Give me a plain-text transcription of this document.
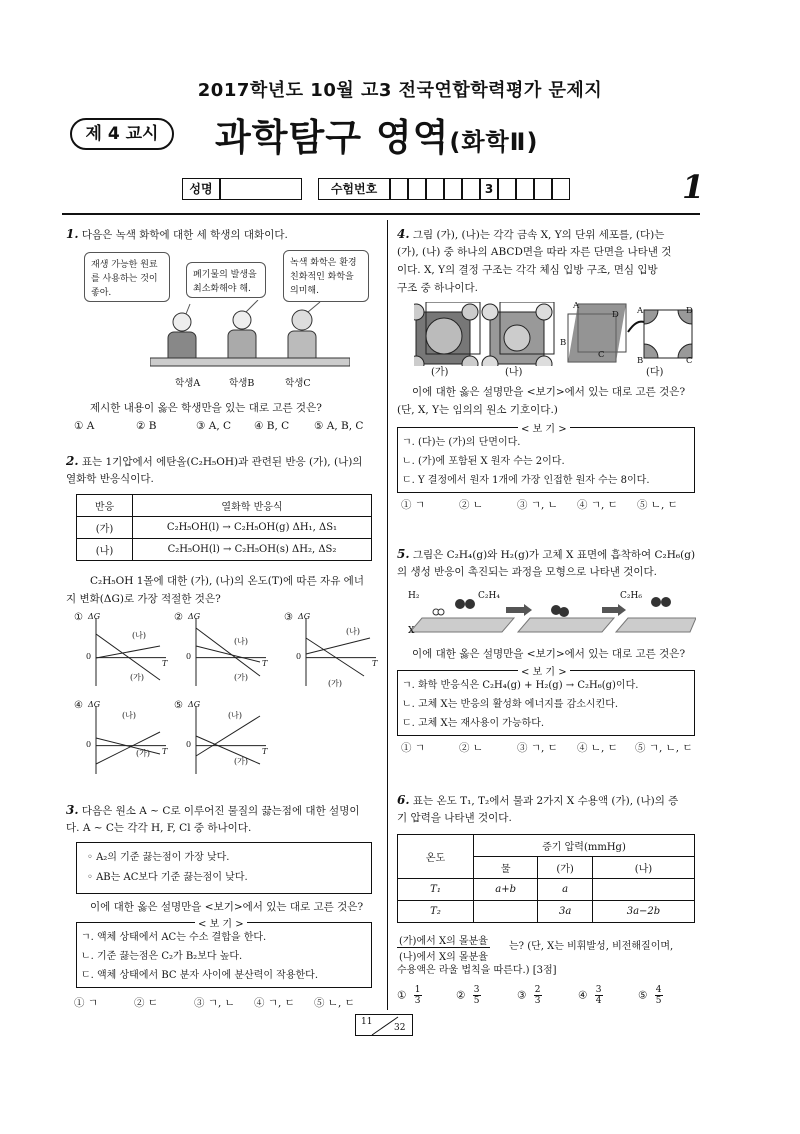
2017학년도 10월 고3 전국연합학력평가 문제지
제 4 교시	과학탐구 영역(화학Ⅱ)
성명	수험번호	3	1

1. 다음은 녹색 화학에 대한 세 학생의 대화이다.

재생 가능한 원료를 사용하는 것이 좋아.
폐기물의 발생을 최소화해야 해.
녹색 화학은 환경 친화적인 화학을 의미해.
학생A	학생B	학생C

제시한 내용이 옳은 학생만을 있는 대로 고른 것은?

① A	② B	③ A, C ④ B, C ⑤ A, B, C

2. 표는 1기압에서 에탄올(C₂H₅OH)과 관련된 반응 (가), (나)의

열화학 반응식이다.

반응	열화학 반응식
(가)	C₂H₅OH(l) → C₂H₅OH(g) ΔH₁, ΔS₁
(나)	C₂H₅OH(l) → C₂H₅OH(s) ΔH₂, ΔS₂

C₂H₅OH 1몰에 대한 (가), (나)의 온도(T)에 따른 자유 에너

지 변화(ΔG)로 가장 적절한 것은?

① ΔG
0
T
(가)
(나)
② ΔG
0
T
(가)
(나)
③ ΔG
0
T
(가)
(나)
④ ΔG
0
T
(가)
(나)
⑤ ΔG
0
T
(가)
(나)

3. 다음은 원소 A ~ C로 이루어진 물질의 끓는점에 대한 설명이

다. A ~ C는 각각 H, F, Cl 중 하나이다.

◦ A₂의 기준 끓는점이 가장 낮다.
◦ AB는 AC보다 기준 끓는점이 낮다.

이에 대한 옳은 설명만을 <보기>에서 있는 대로 고른 것은?

< 보 기 >
ㄱ. 액체 상태에서 AC는 수소 결합을 한다.
ㄴ. 기준 끓는점은 C₂가 B₂보다 높다.
ㄷ. 액체 상태에서 BC 분자 사이에 분산력이 작용한다.
① ㄱ	② ㄷ	③ ㄱ, ㄴ ④ ㄱ, ㄷ ⑤ ㄴ, ㄷ

4. 그림 (가), (나)는 각각 금속 X, Y의 단위 세포를, (다)는

(가), (나) 중 하나의 ABCD면을 따라 자른 단면을 나타낸 것

이다. X, Y의 결정 구조는 각각 체심 입방 구조, 면심 입방

구조 중 하나이다.

A
D
B
C
A	D
B	C
(가)	(나)	(다)

이에 대한 옳은 설명만을 <보기>에서 있는 대로 고른 것은?

(단, X, Y는 임의의 원소 기호이다.)

< 보 기 >
ㄱ. (다)는 (가)의 단면이다.
ㄴ. (가)에 포함된 X 원자 수는 2이다.
ㄷ. Y 결정에서 원자 1개에 가장 인접한 원자 수는 8이다.
① ㄱ	② ㄴ	③ ㄱ, ㄴ ④ ㄱ, ㄷ ⑤ ㄴ, ㄷ

5. 그림은 C₂H₄(g)와 H₂(g)가 고체 X 표면에 흡착하여 C₂H₆(g)

의 생성 반응이 촉진되는 과정을 모형으로 나타낸 것이다.

H₂	C₂H₄	C₂H₆
X

이에 대한 옳은 설명만을 <보기>에서 있는 대로 고른 것은?

< 보 기 >
ㄱ. 화학 반응식은 C₂H₄(g) + H₂(g) → C₂H₆(g)이다.
ㄴ. 고체 X는 반응의 활성화 에너지를 감소시킨다.
ㄷ. 고체 X는 재사용이 가능하다.
① ㄱ	② ㄴ	③ ㄱ, ㄷ ④ ㄴ, ㄷ ⑤ ㄱ, ㄴ, ㄷ

6. 표는 온도 T₁, T₂에서 물과 2가지 X 수용액 (가), (나)의 증

기 압력을 나타낸 것이다.

온도	증기 압력(mmHg)		
	물	(가)	(나)
T₁	a+b	a	
T₂		3a	3a−2b
(가)에서 X의 몰분율
(나)에서 X의 몰분율
는? (단, X는 비휘발성, 비전해질이며,
수용액은 라울 법칙을 따른다.) [3점]
① $\frac{1}{3}$	② $\frac{3}{5}$	③ $\frac{2}{3}$	④ $\frac{3}{4}$	⑤ $\frac{4}{5}$
11
32
